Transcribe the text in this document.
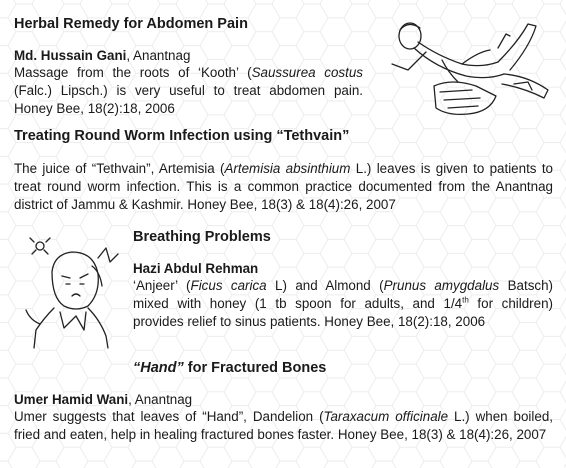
Herbal Remedy for Abdomen Pain
Md. Hussain Gani, Anantnag
Massage from the roots of ‘Kooth’ (Saussurea costus (Falc.) Lipsch.) is very useful to treat abdomen pain. Honey Bee, 18(2):18, 2006
Treating Round Worm Infection using “Tethvain”
The juice of “Tethvain”, Artemisia (Artemisia absinthium L.) leaves is given to patients to treat round worm infection. This is a common practice documented from the Anantnag district of Jammu & Kashmir. Honey Bee, 18(3) & 18(4):26, 2007
Breathing Problems
Hazi Abdul Rehman
‘Anjeer’ (Ficus carica L) and Almond (Prunus amygdalus Batsch) mixed with honey (1 tb spoon for adults, and 1/4th for children) provides relief to sinus patients. Honey Bee, 18(2):18, 2006
“Hand” for Fractured Bones
Umer Hamid Wani, Anantnag
Umer suggests that leaves of “Hand”, Dandelion (Taraxacum officinale L.) when boiled, fried and eaten, help in healing fractured bones faster. Honey Bee, 18(3) & 18(4):26, 2007
